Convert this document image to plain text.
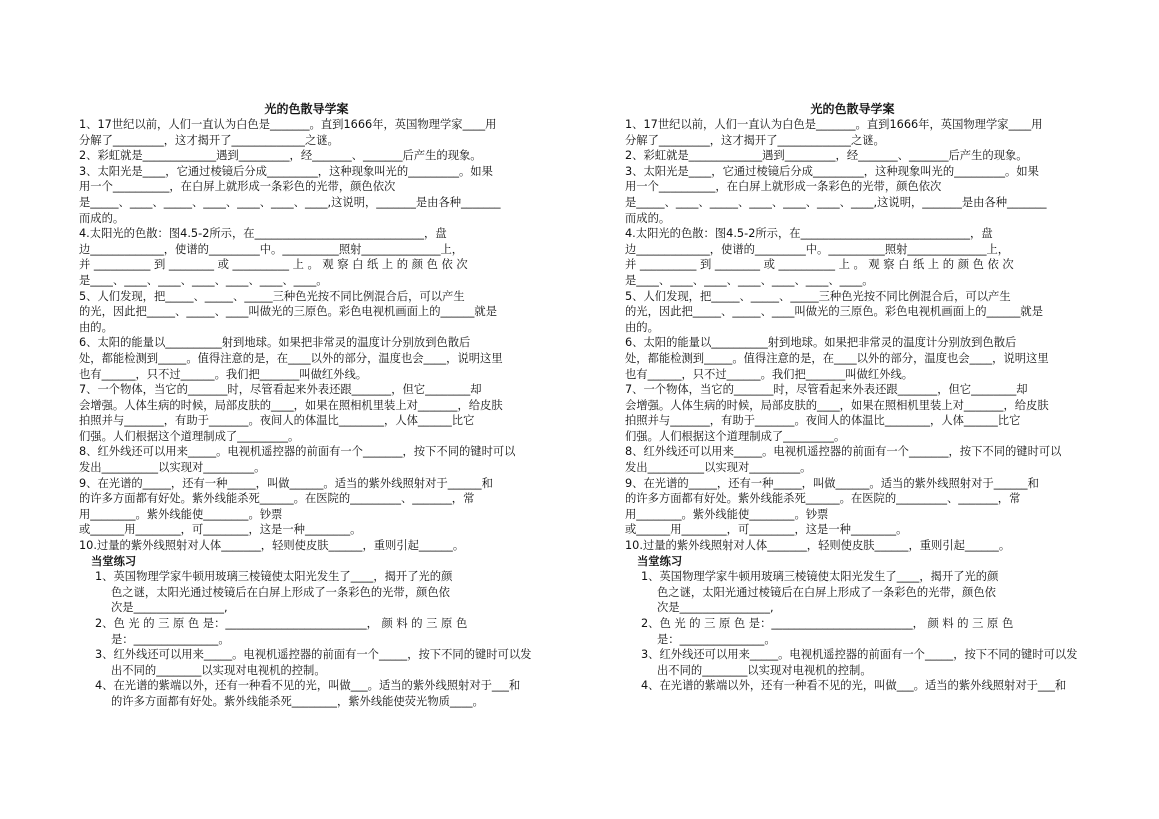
光的色散导学案
1、17世纪以前，人们一直认为白色是_______。直到1666年，英国物理学家____用
分解了_________，这才揭开了_____________之谜。
2、彩虹就是_____________遇到_________，经_______、_______后产生的现象。
3、太阳光是____，它通过棱镜后分成_________，这种现象叫光的_________。如果
用一个__________，在白屏上就形成一条彩色的光带，颜色依次
是_____、____、_____、____、____、____、____,这说明，_______是由各种_______
而成的。
4.太阳光的色散：图4.5-2所示，在______________________________，盘
边_____________，使谱的_________中。__________照射______________上，
并 __________ 到 ________ 或 __________ 上 。 观 察 白 纸 上 的 颜 色 依 次
是____、____、____、____、____、____、____。
5、人们发现，把_____、_____、_____三种色光按不同比例混合后，可以产生
的光，因此把_____、_____、____叫做光的三原色。彩色电视机画面上的______就是
由的。
6、太阳的能量以__________射到地球。如果把非常灵的温度计分别放到色散后
处，都能检测到_____。值得注意的是，在____以外的部分，温度也会____，说明这里
也有______，只不过______。我们把_______叫做红外线。
7、一个物体，当它的_______时，尽管看起来外表还跟_______，但它________却
会增强。人体生病的时候，局部皮肤的____，如果在照相机里装上对_______，给皮肤
拍照并与_______，有助于_______。夜间人的体温比________，人体______比它
们强。人们根据这个道理制成了_________。
8、红外线还可以用来_____。电视机遥控器的前面有一个_______，按下不同的键时可以
发出__________以实现对_________。
9、在光谱的_____，还有一种_____，叫做______。适当的紫外线照射对于______和
的许多方面都有好处。紫外线能杀死______。在医院的_________、_______，常
用________。紫外线能使________。钞票
或______用________，可________，这是一种________。
10.过量的紫外线照射对人体_______，轻则使皮肤______，重则引起______。
当堂练习
1、英国物理学家牛顿用玻璃三棱镜使太阳光发生了____，揭开了光的颜
色之谜，太阳光通过棱镜后在白屏上形成了一条彩色的光带，颜色依
次是________________,
2、色 光 的 三 原 色 是：_________________________， 颜 料 的 三 原 色
是：_______________。
3、红外线还可以用来_____。电视机遥控器的前面有一个_____，按下不同的键时可以发
出不同的________以实现对电视机的控制。
4、在光谱的紫端以外，还有一种看不见的光，叫做___。适当的紫外线照射对于___和
的许多方面都有好处。紫外线能杀死________，紫外线能使荧光物质____。
光的色散导学案
1、17世纪以前，人们一直认为白色是_______。直到1666年，英国物理学家____用
分解了_________，这才揭开了_____________之谜。
2、彩虹就是_____________遇到_________，经_______、_______后产生的现象。
3、太阳光是____，它通过棱镜后分成_________，这种现象叫光的_________。如果
用一个__________，在白屏上就形成一条彩色的光带，颜色依次
是_____、____、_____、____、____、____、____,这说明，_______是由各种_______
而成的。
4.太阳光的色散：图4.5-2所示，在______________________________，盘
边_____________，使谱的_________中。__________照射______________上，
并 __________ 到 ________ 或 __________ 上 。 观 察 白 纸 上 的 颜 色 依 次
是____、____、____、____、____、____、____。
5、人们发现，把_____、_____、_____三种色光按不同比例混合后，可以产生
的光，因此把_____、_____、____叫做光的三原色。彩色电视机画面上的______就是
由的。
6、太阳的能量以__________射到地球。如果把非常灵的温度计分别放到色散后
处，都能检测到_____。值得注意的是，在____以外的部分，温度也会____，说明这里
也有______，只不过______。我们把_______叫做红外线。
7、一个物体，当它的_______时，尽管看起来外表还跟_______，但它________却
会增强。人体生病的时候，局部皮肤的____，如果在照相机里装上对_______，给皮肤
拍照并与_______，有助于_______。夜间人的体温比________，人体______比它
们强。人们根据这个道理制成了_________。
8、红外线还可以用来_____。电视机遥控器的前面有一个_______，按下不同的键时可以
发出__________以实现对_________。
9、在光谱的_____，还有一种_____，叫做______。适当的紫外线照射对于______和
的许多方面都有好处。紫外线能杀死______。在医院的_________、_______，常
用________。紫外线能使________。钞票
或______用________，可________，这是一种________。
10.过量的紫外线照射对人体_______，轻则使皮肤______，重则引起______。
当堂练习
1、英国物理学家牛顿用玻璃三棱镜使太阳光发生了____，揭开了光的颜
色之谜，太阳光通过棱镜后在白屏上形成了一条彩色的光带，颜色依
次是________________,
2、色 光 的 三 原 色 是：_________________________， 颜 料 的 三 原 色
是：_______________。
3、红外线还可以用来_____。电视机遥控器的前面有一个_____，按下不同的键时可以发
出不同的________以实现对电视机的控制。
4、在光谱的紫端以外，还有一种看不见的光，叫做___。适当的紫外线照射对于___和
